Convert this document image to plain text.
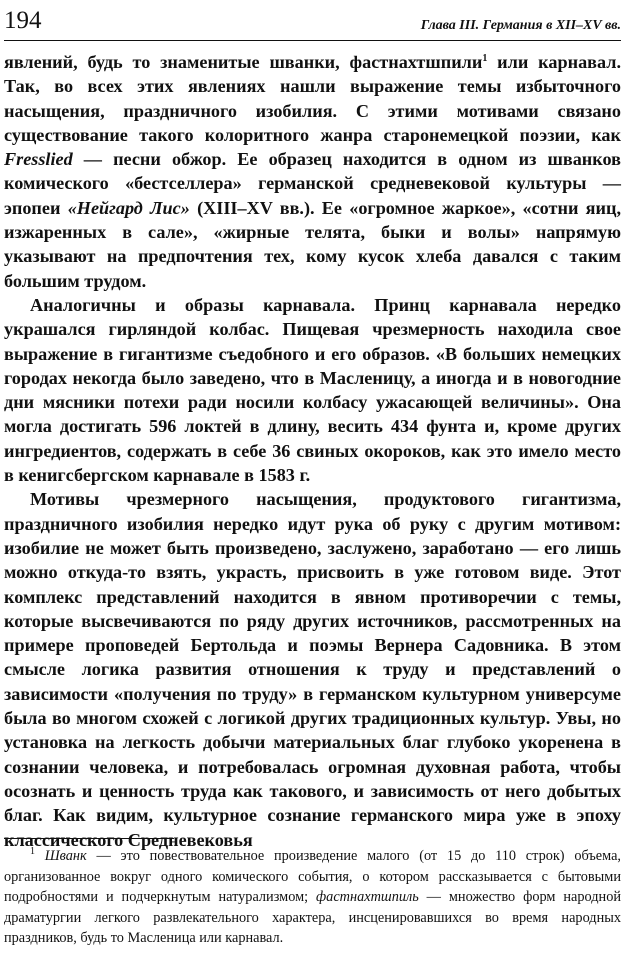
194	Глава III. Германия в XII–XV вв.

явлений, будь то знаменитые шванки, фастнахтшпили$^1$ или карнавал. Так, во всех этих явлениях нашли выражение темы избыточного насыщения, праздничного изобилия. С этими мотивами связано существование такого колоритного жанра старонемецкой поэзии, как Fresslied — песни обжор. Ее образец находится в одном из шванков комического «бестселлера» германской средневековой культуры — эпопеи «Нейгард Лис» (XIII–XV вв.). Ее «огромное жаркое», «сотни яиц, изжаренных в сале», «жирные телята, быки и волы» напрямую указывают на предпочтения тех, кому кусок хлеба давался с таким большим трудом.

Аналогичны и образы карнавала. Принц карнавала нередко украшался гирляндой колбас. Пищевая чрезмерность находила свое выражение в гигантизме съедобного и его образов. «В больших немецких городах некогда было заведено, что в Масленицу, а иногда и в новогодние дни мясники потехи ради носили колбасу ужасающей величины». Она могла достигать 596 локтей в длину, весить 434 фунта и, кроме других ингредиентов, содержать в себе 36 свиных окороков, как это имело место в кенигсбергском карнавале в 1583 г.

Мотивы чрезмерного насыщения, продуктового гигантизма, праздничного изобилия нередко идут рука об руку с другим мотивом: изобилие не может быть произведено, заслужено, заработано — его лишь можно откуда-то взять, украсть, присвоить в уже готовом виде. Этот комплекс представлений находится в явном противоречии с темы, которые высвечиваются по ряду других источников, рассмотренных на примере проповедей Бертольда и поэмы Вернера Садовника. В этом смысле логика развития отношения к труду и представлений о зависимости «получения по труду» в германском культурном универсуме была во многом схожей с логикой других традиционных культур. Увы, но установка на легкость добычи материальных благ глубоко укоренена в сознании человека, и потребовалась огромная духовная работа, чтобы осознать и ценность труда как такового, и зависимость от него добытых благ. Как видим, культурное сознание германского мира уже в эпоху классического Средневековья

$^1$ Шванк — это повествовательное произведение малого (от 15 до 110 строк) объема, организованное вокруг одного комического события, о котором рассказывается с бытовыми подробностями и подчеркнутым натурализмом; фастнахтшпиль — множество форм народной драматургии легкого развлекательного характера, инсценировавшихся во время народных праздников, будь то Масленица или карнавал.
